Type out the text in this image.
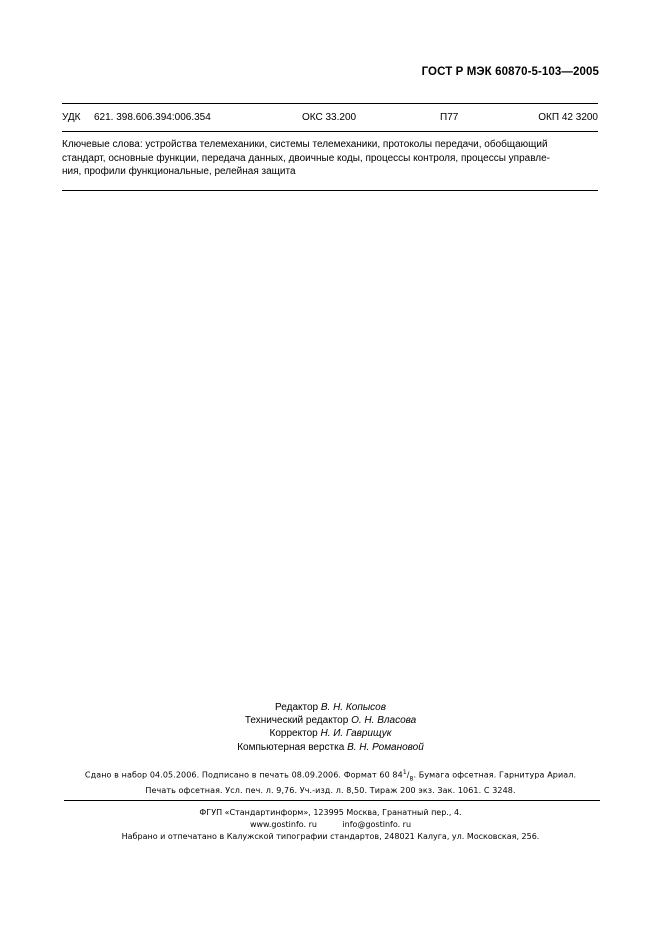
ГОСТ Р МЭК 60870-5-103—2005
УДК 621. 398.606.394:006.354	ОКС 33.200	П77	ОКП 42 3200

Ключевые слова: устройства телемеханики, системы телемеханики, протоколы передачи, обобщающий

стандарт, основные функции, передача данных, двоичные коды, процессы контроля, процессы управле-

ния, профили функциональные, релейная защита

Редактор В. Н. Копысов
Технический редактор О. Н. Власова
Корректор Н. И. Гаврищук
Компьютерная верстка В. Н. Романовой
Сдано в набор 04.05.2006. Подписано в печать 08.09.2006. Формат 60 $84^1/_8$. Бумага офсетная. Гарнитура Ариал.
Печать офсетная. Усл. печ. л. 9,76. Уч.-изд. л. 8,50. Тираж 200 экз. Зак. 1061. С 3248.
ФГУП «Стандартинформ», 123995 Москва, Гранатный пер., 4.
www.gostinfo. ru	info@gostinfo. ru
Набрано и отпечатано в Калужской типографии стандартов, 248021 Калуга, ул. Московская, 256.
